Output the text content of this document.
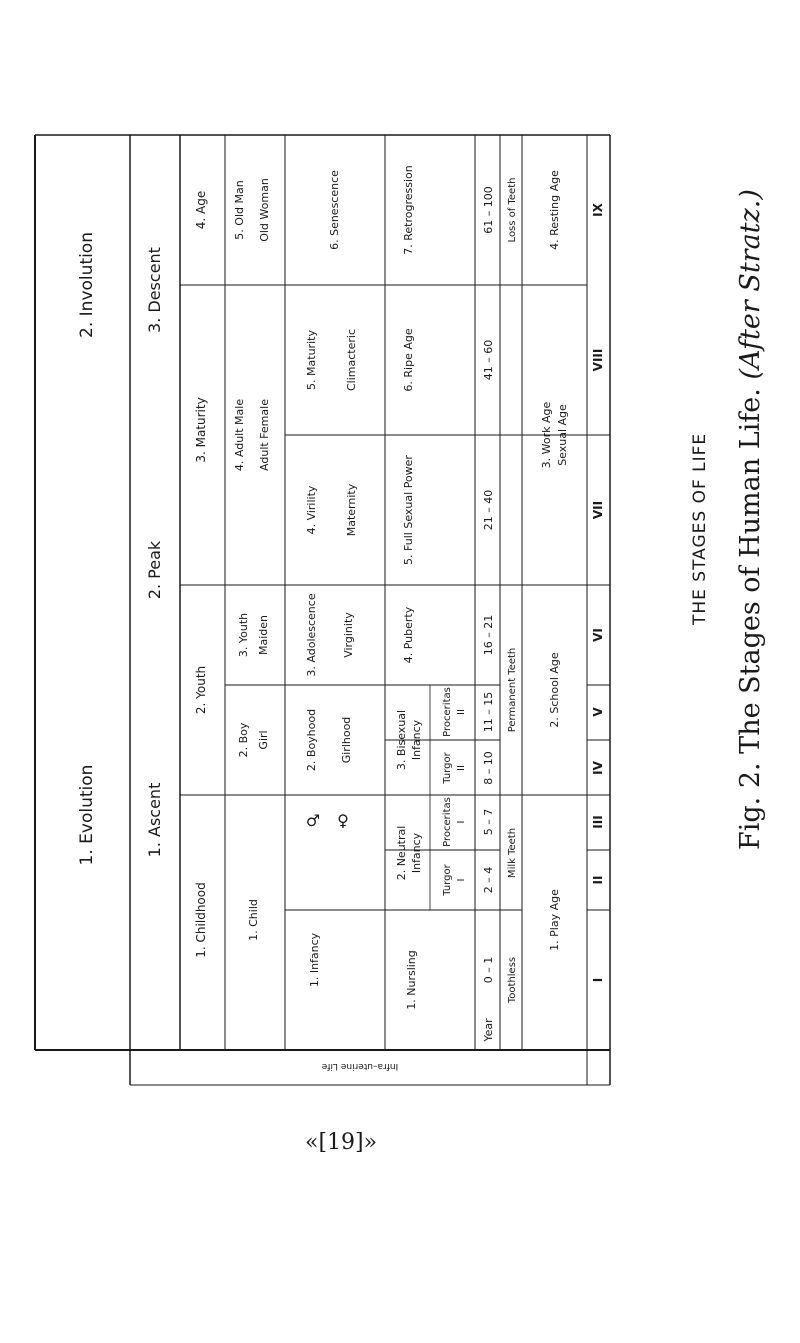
1. Evolution
2. Involution
1. Ascent
2. Peak
3. Descent
1. Childhood
2. Youth
3. Maturity
4. Age
1. Child
2. Boy Girl
3. Youth Maiden
4. Adult Male Adult Female
5. Old Man Old Woman
♂ ♀
1. Infancy
2. Boyhood Girlhood
3. Adolescence Virginity
4. Virility Maternity
5. Maturity Climacteric
6. Senescence
1. Nursling
2. Neutral Infancy
3. Bisexual Infancy
4. Puberty
5. Full Sexual Power
6. Ripe Age
7. Retrogression
Turgor I
Proceritas I
Turgor II
Proceritas II
Year
0 – 1
2 – 4
5 – 7
8 – 10
11 – 15
16 – 21
21 – 40
41 – 60
61 – 100
Toothless
Milk Teeth
Permanent Teeth
Loss of Teeth
1. Play Age
2. School Age
3. Work Age Sexual Age
4. Resting Age
I
II
III
IV
V
VI
VII
VIII
IX
Infra–uterine Life
THE STAGES OF LIFE
Fig. 2. The Stages of Human Life. (After Stratz.)
«[19]»
